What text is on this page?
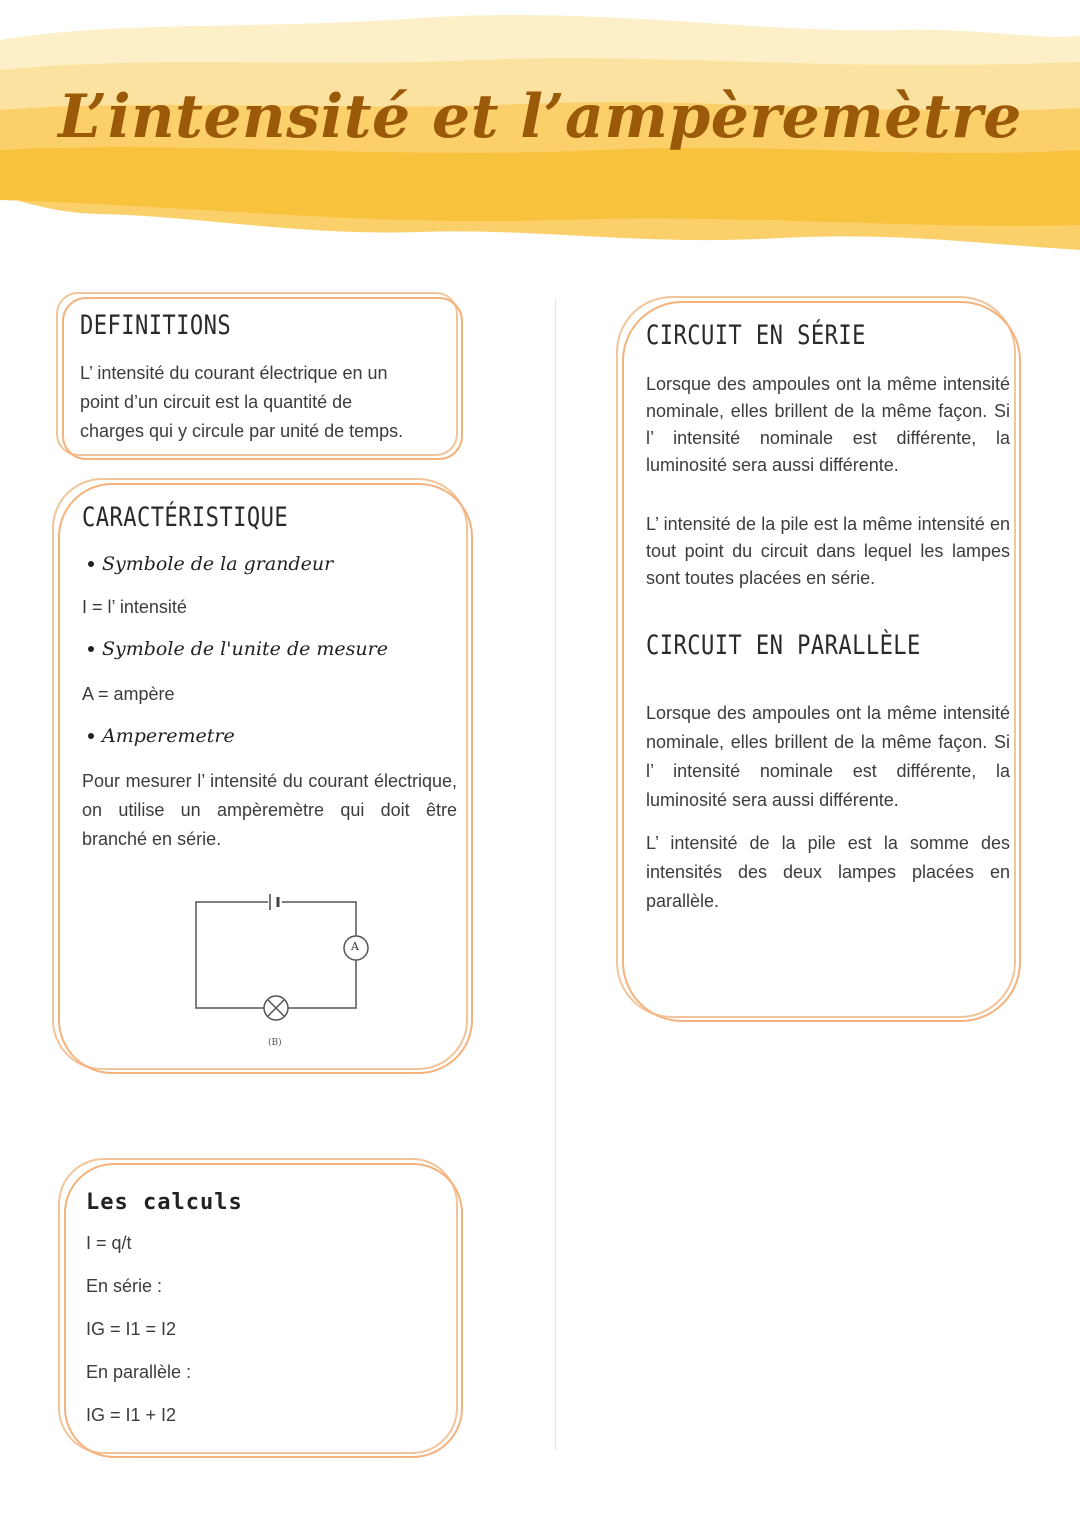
L’intensité et l’ampèremètre
DEFINITIONS
L’ intensité du courant électrique en un
point d’un circuit est la quantité de
charges qui y circule par unité de temps.
CARACTÉRISTIQUE
Symbole de la grandeur
I = l’ intensité
Symbole de l'unite de mesure
A = ampère
Amperemetre
Pour mesurer l’ intensité du courant électrique, on utilise un ampèremètre qui doit être branché en série.
A
(B)
Les calculs
I = q/t
En série :
IG = I1 = I2
En parallèle :
IG = I1 + I2
CIRCUIT EN SÉRIE
Lorsque des ampoules ont la même intensité nominale, elles brillent de la même façon. Si l’ intensité nominale est différente, la luminosité sera aussi différente.
L’ intensité de la pile est la même intensité en tout point du circuit dans lequel les lampes sont toutes placées en série.
CIRCUIT EN PARALLÈLE
Lorsque des ampoules ont la même intensité nominale, elles brillent de la même façon. Si l’ intensité nominale est différente, la luminosité sera aussi différente.
L’ intensité de la pile est la somme des intensités des deux lampes placées en parallèle.
